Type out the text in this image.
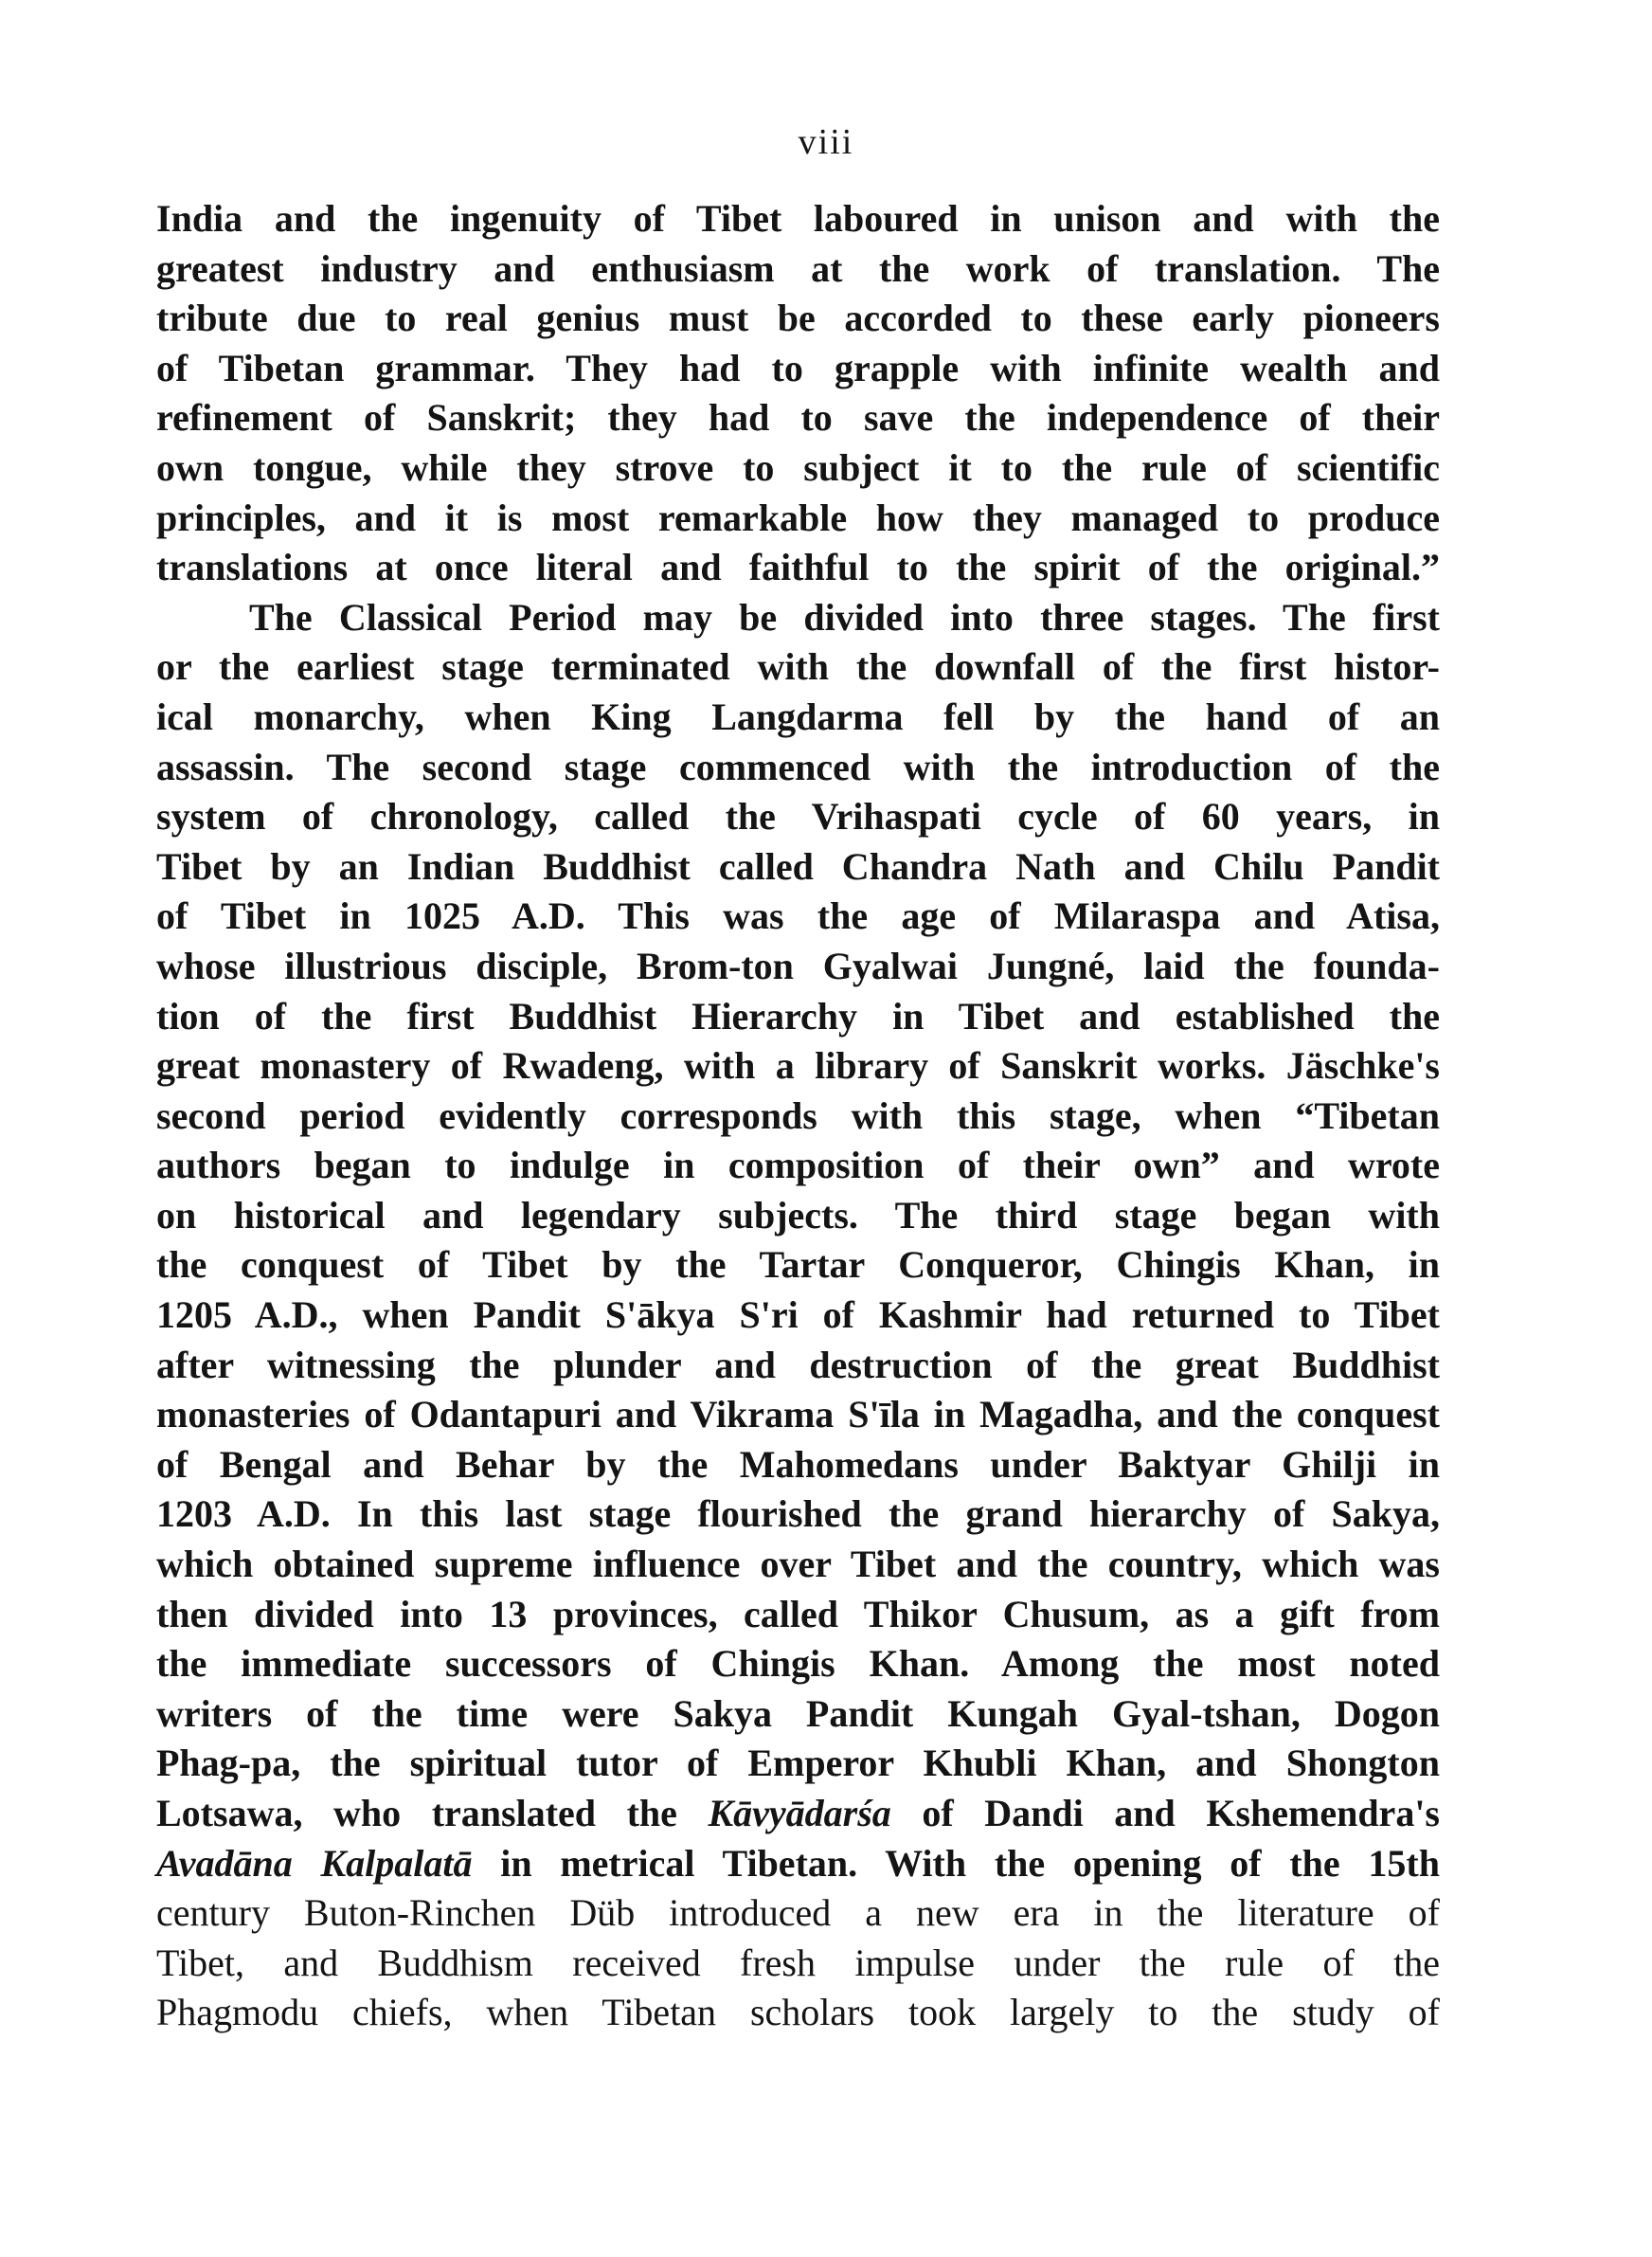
viii
India and the ingenuity of Tibet laboured in unison and with the
greatest industry and enthusiasm at the work of translation. The
tribute due to real genius must be accorded to these early pioneers
of Tibetan grammar. They had to grapple with infinite wealth and
refinement of Sanskrit; they had to save the independence of their
own tongue, while they strove to subject it to the rule of scientific
principles, and it is most remarkable how they managed to produce
translations at once literal and faithful to the spirit of the original.”
The Classical Period may be divided into three stages. The first
or the earliest stage terminated with the downfall of the first histor-
ical monarchy, when King Langdarma fell by the hand of an
assassin. The second stage commenced with the introduction of the
system of chronology, called the Vrihaspati cycle of 60 years, in
Tibet by an Indian Buddhist called Chandra Nath and Chilu Pandit
of Tibet in 1025 A.D. This was the age of Milaraspa and Atisa,
whose illustrious disciple, Brom-ton Gyalwai Jungné, laid the founda-
tion of the first Buddhist Hierarchy in Tibet and established the
great monastery of Rwadeng, with a library of Sanskrit works. Jäschke's
second period evidently corresponds with this stage, when “Tibetan
authors began to indulge in composition of their own” and wrote
on historical and legendary subjects. The third stage began with
the conquest of Tibet by the Tartar Conqueror, Chingis Khan, in
1205 A.D., when Pandit S'ākya S'ri of Kashmir had returned to Tibet
after witnessing the plunder and destruction of the great Buddhist
monasteries of Odantapuri and Vikrama S'īla in Magadha, and the conquest
of Bengal and Behar by the Mahomedans under Baktyar Ghilji in
1203 A.D. In this last stage flourished the grand hierarchy of Sakya,
which obtained supreme influence over Tibet and the country, which was
then divided into 13 provinces, called Thikor Chusum, as a gift from
the immediate successors of Chingis Khan. Among the most noted
writers of the time were Sakya Pandit Kungah Gyal-tshan, Dogon
Phag-pa, the spiritual tutor of Emperor Khubli Khan, and Shongton
Lotsawa, who translated the Kāvyādarśa of Dandi and Kshemendra's
Avadāna Kalpalatā in metrical Tibetan. With the opening of the 15th
century Buton-Rinchen Düb introduced a new era in the literature of
Tibet, and Buddhism received fresh impulse under the rule of the
Phagmodu chiefs, when Tibetan scholars took largely to the study of
